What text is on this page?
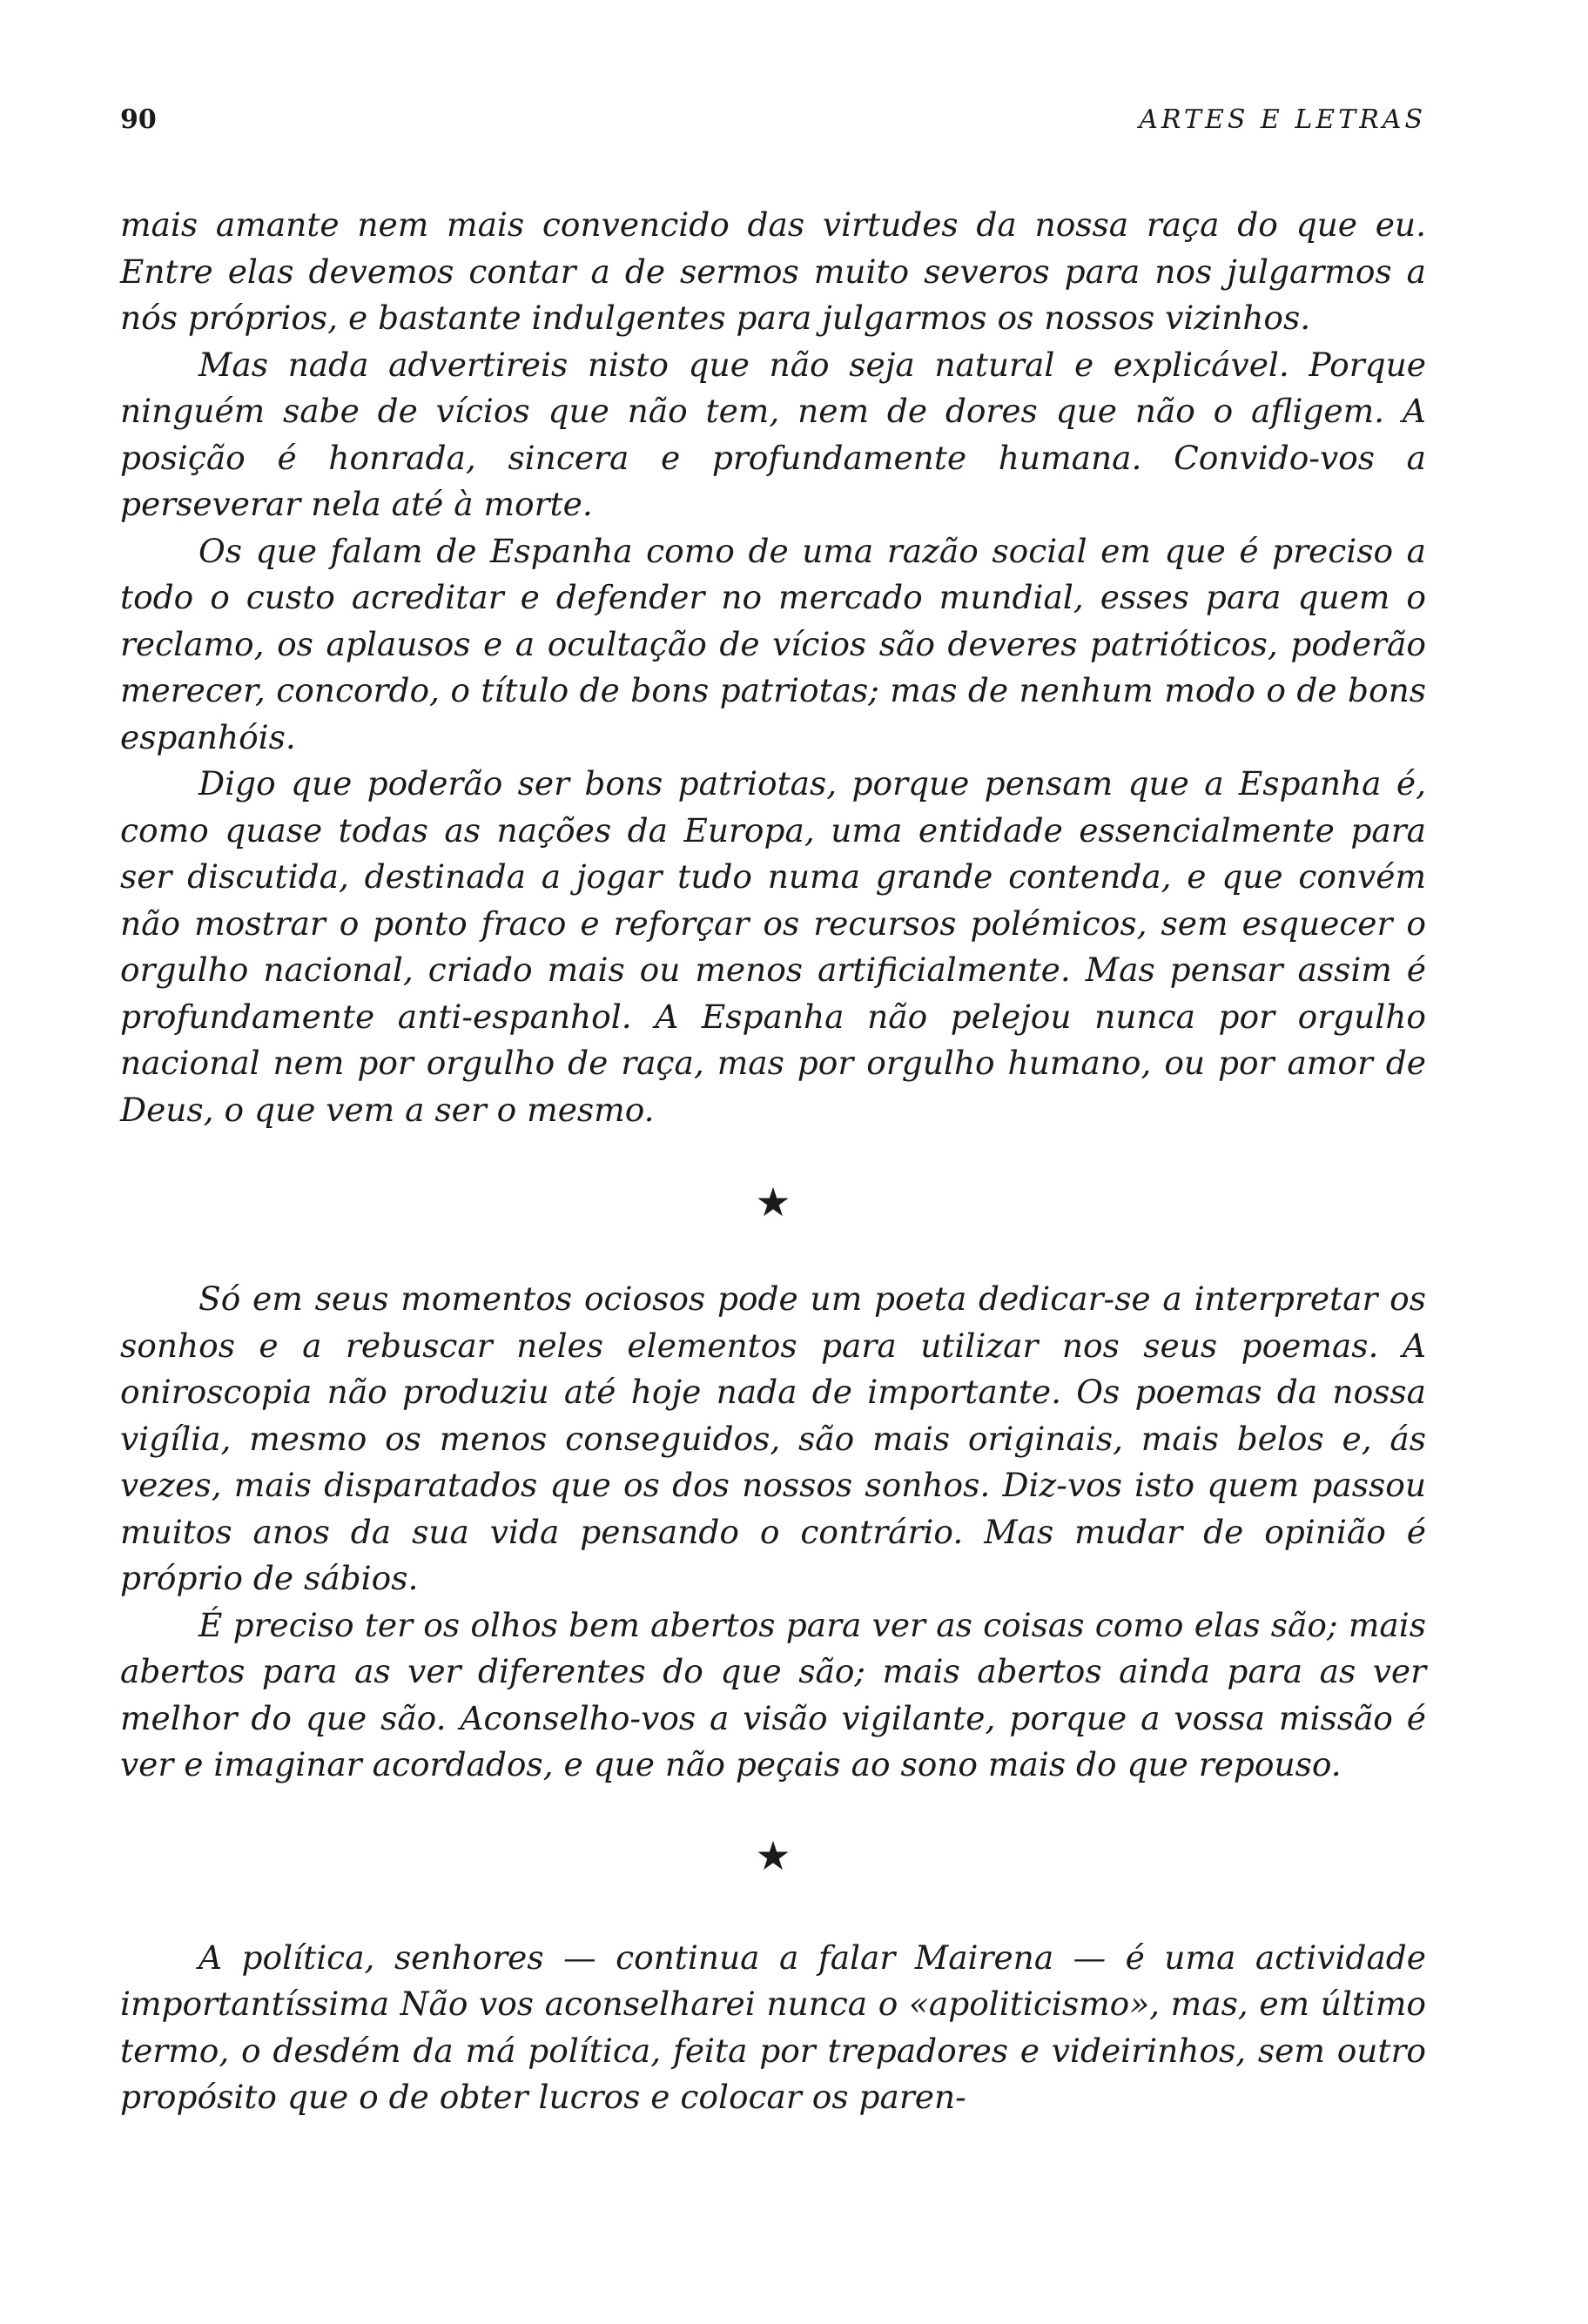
90	ARTES E LETRAS

mais amante nem mais convencido das virtudes da nossa raça do que eu. Entre elas devemos contar a de sermos muito severos para nos julgarmos a nós próprios, e bastante indulgentes para julgarmos os nossos vizinhos.

Mas nada advertireis nisto que não seja natural e explicável. Porque ninguém sabe de vícios que não tem, nem de dores que não o afligem. A posição é honrada, sincera e profundamente humana. Convido-vos a perseverar nela até à morte.

Os que falam de Espanha como de uma razão social em que é preciso a todo o custo acreditar e defender no mercado mundial, esses para quem o reclamo, os aplausos e a ocultação de vícios são deveres patrióticos, poderão merecer, concordo, o título de bons patriotas; mas de nenhum modo o de bons espanhóis.

Digo que poderão ser bons patriotas, porque pensam que a Espanha é, como quase todas as nações da Europa, uma entidade essencialmente para ser discutida, destinada a jogar tudo numa grande contenda, e que convém não mostrar o ponto fraco e reforçar os recursos polémicos, sem esquecer o orgulho nacional, criado mais ou menos artificialmente. Mas pensar assim é profundamente anti-espanhol. A Espanha não pelejou nunca por orgulho nacional nem por orgulho de raça, mas por orgulho humano, ou por amor de Deus, o que vem a ser o mesmo.

★

Só em seus momentos ociosos pode um poeta dedicar-se a interpretar os sonhos e a rebuscar neles elementos para utilizar nos seus poemas. A oniroscopia não produziu até hoje nada de importante. Os poemas da nossa vigília, mesmo os menos conseguidos, são mais originais, mais belos e, ás vezes, mais disparatados que os dos nossos sonhos. Diz-vos isto quem passou muitos anos da sua vida pensando o contrário. Mas mudar de opinião é próprio de sábios.

É preciso ter os olhos bem abertos para ver as coisas como elas são; mais abertos para as ver diferentes do que são; mais abertos ainda para as ver melhor do que são. Aconselho-vos a visão vigilante, porque a vossa missão é ver e imaginar acordados, e que não peçais ao sono mais do que repouso.

★

A política, senhores — continua a falar Mairena — é uma actividade importantíssima Não vos aconselharei nunca o «apoliticismo», mas, em último termo, o desdém da má política, feita por trepadores e videirinhos, sem outro propósito que o de obter lucros e colocar os paren-
